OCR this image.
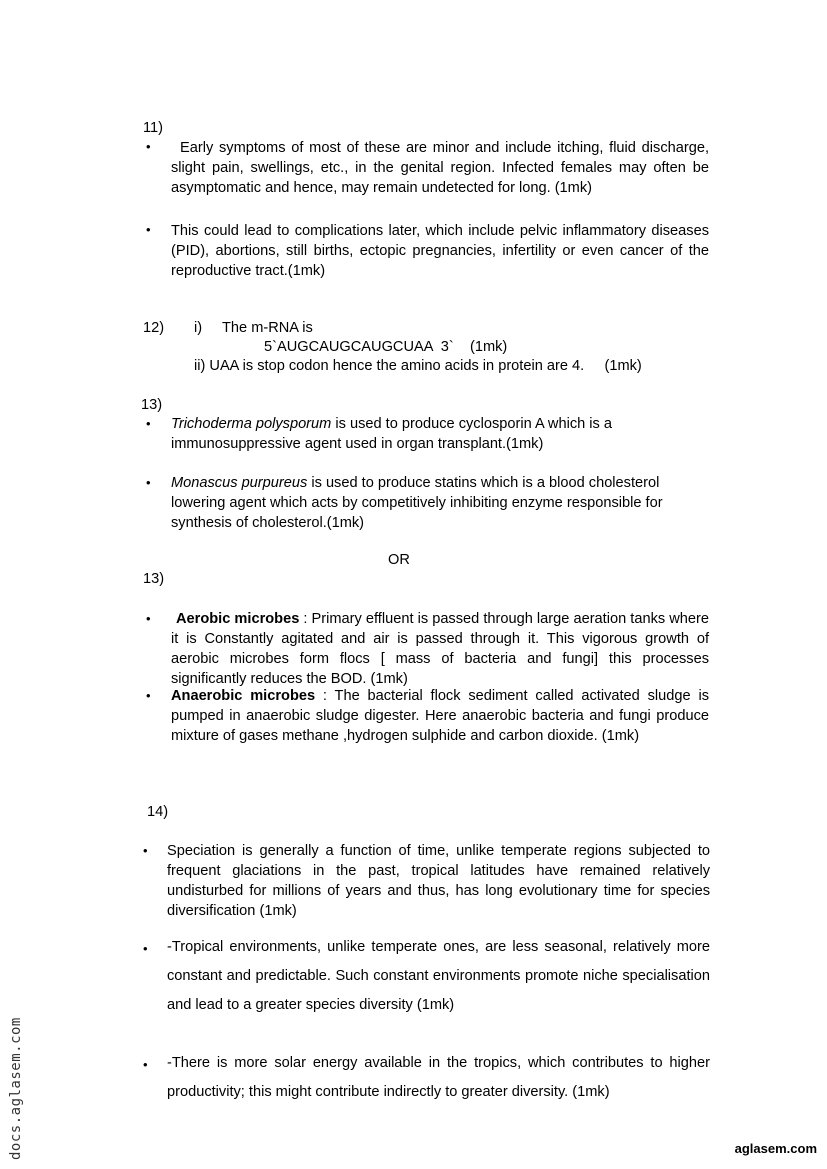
11)
•	Early symptoms of most of these are minor and include itching, fluid discharge, slight pain, swellings, etc., in the genital region. Infected females may often be asymptomatic and hence, may remain undetected for long. (1mk)
• This could lead to complications later, which include pelvic inflammatory diseases (PID), abortions, still births, ectopic pregnancies, infertility or even cancer of the reproductive tract.(1mk)
12) i) The m-RNA is
5`AUGCAUGCAUGCUAA  3`    (1mk)
ii) UAA is stop codon hence the amino acids in protein are 4.     (1mk)
13)
• Trichoderma polysporum is used to produce cyclosporin A which is a immunosuppressive agent used in organ transplant.(1mk)
• Monascus purpureus is used to produce statins which is a blood cholesterol lowering agent which acts by competitively inhibiting enzyme responsible for synthesis of cholesterol.(1mk)
OR
13)
•	Aerobic microbes : Primary effluent is passed through large aeration tanks where it is Constantly agitated and air is passed through it. This vigorous growth of aerobic microbes form flocs [ mass of bacteria and fungi] this processes significantly reduces the BOD. (1mk)
• Anaerobic microbes : The bacterial flock sediment called activated sludge is pumped in anaerobic sludge digester. Here anaerobic bacteria and fungi produce mixture of gases methane ,hydrogen sulphide and carbon dioxide. (1mk)
14)
• Speciation is generally a function of time, unlike temperate regions subjected to frequent glaciations in the past, tropical latitudes have remained relatively undisturbed for millions of years and thus, has long evolutionary time for species diversification (1mk)
• -Tropical environments, unlike temperate ones, are less seasonal, relatively more constant and predictable. Such constant environments promote niche specialisation and lead to a greater species diversity (1mk)
• -There is more solar energy available in the tropics, which contributes to higher productivity; this might contribute indirectly to greater diversity. (1mk)
docs.aglasem.com	aglasem.com
